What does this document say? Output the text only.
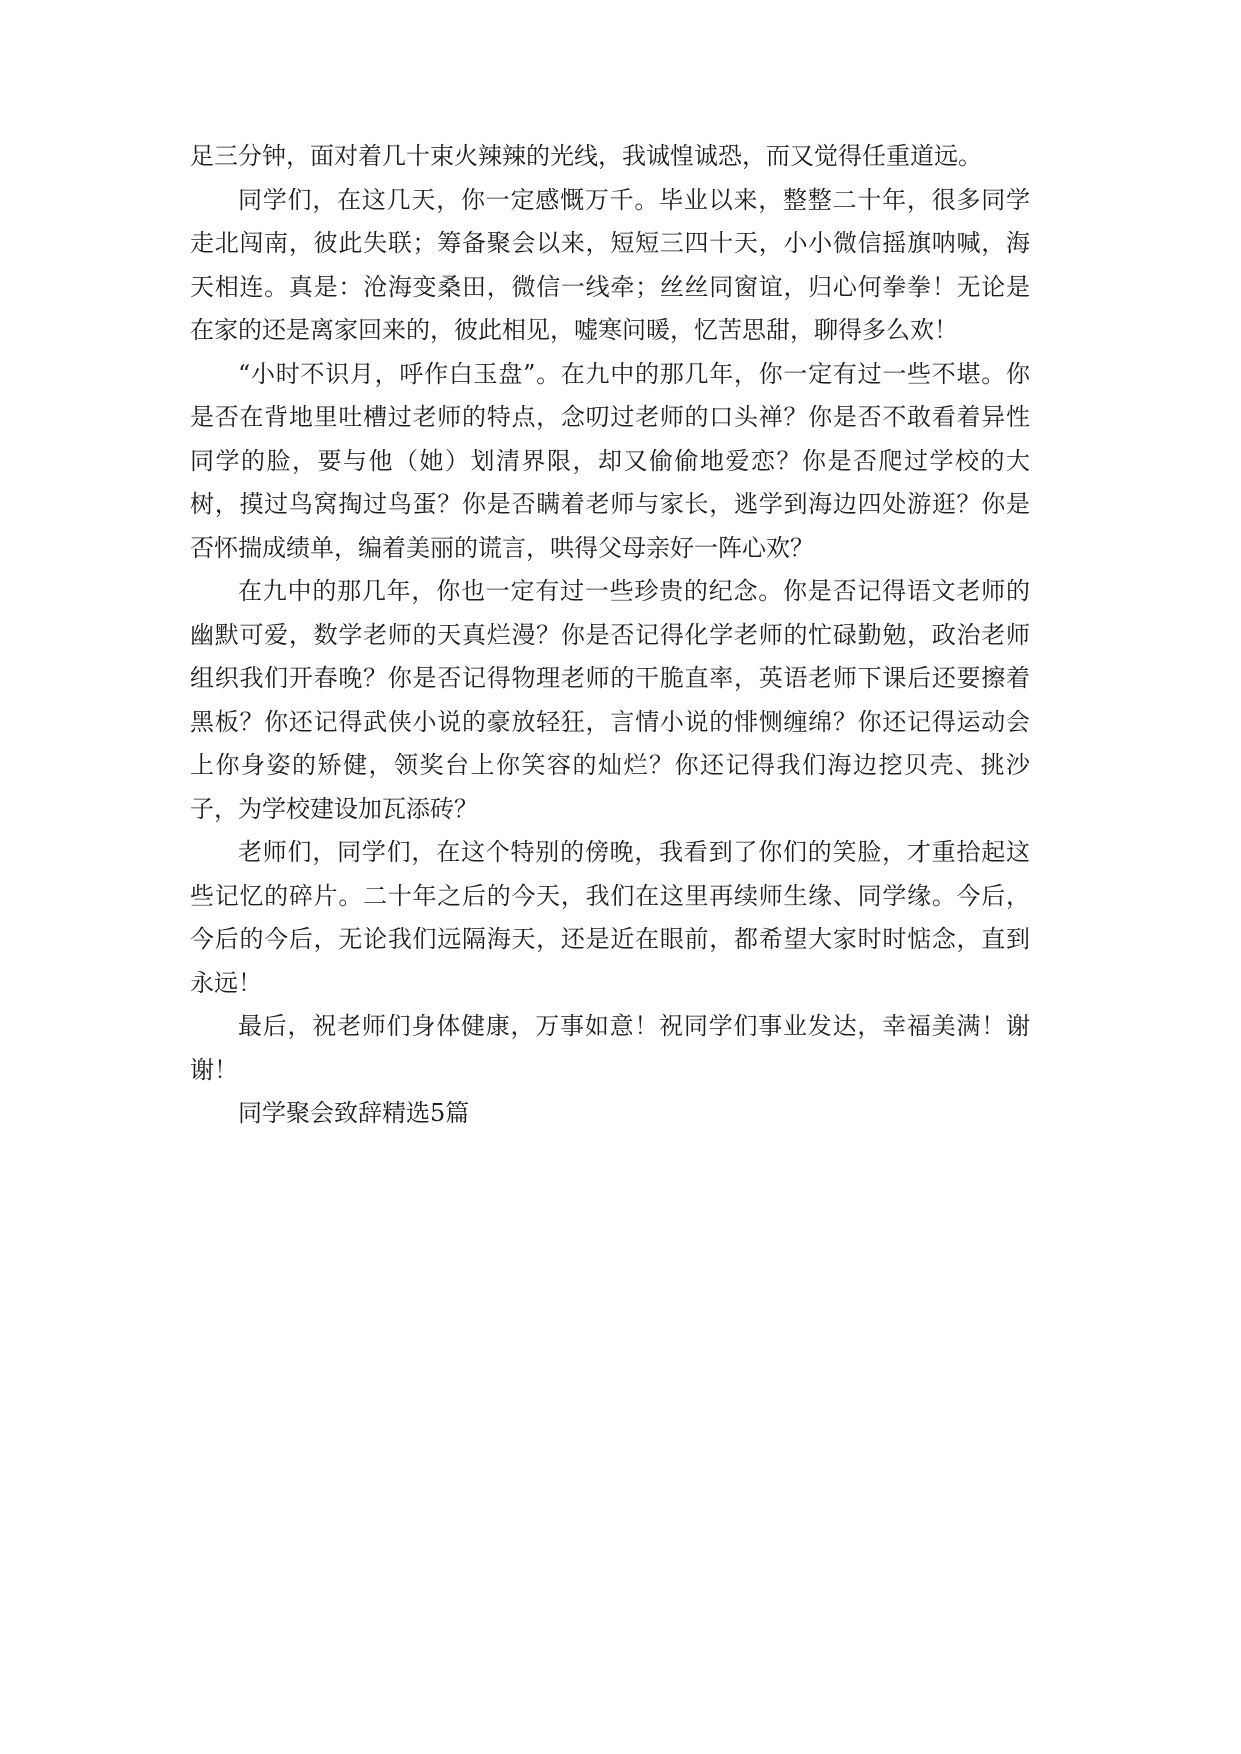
足三分钟，面对着几十束火辣辣的光线，我诚惶诚恐，而又觉得任重道远。
同学们，在这几天，你一定感慨万千。毕业以来，整整二十年，很多同学
走北闯南，彼此失联；筹备聚会以来，短短三四十天，小小微信摇旗呐喊，海
天相连。真是：沧海变桑田，微信一线牵；丝丝同窗谊，归心何拳拳！无论是
在家的还是离家回来的，彼此相见，嘘寒问暖，忆苦思甜，聊得多么欢！
“小时不识月，呼作白玉盘”。在九中的那几年，你一定有过一些不堪。你
是否在背地里吐槽过老师的特点，念叨过老师的口头禅？你是否不敢看着异性
同学的脸，要与他（她）划清界限，却又偷偷地爱恋？你是否爬过学校的大
树，摸过鸟窝掏过鸟蛋？你是否瞒着老师与家长，逃学到海边四处游逛？你是
否怀揣成绩单，编着美丽的谎言，哄得父母亲好一阵心欢？
在九中的那几年，你也一定有过一些珍贵的纪念。你是否记得语文老师的
幽默可爱，数学老师的天真烂漫？你是否记得化学老师的忙碌勤勉，政治老师
组织我们开春晚？你是否记得物理老师的干脆直率，英语老师下课后还要擦着
黑板？你还记得武侠小说的豪放轻狂，言情小说的悱恻缠绵？你还记得运动会
上你身姿的矫健，领奖台上你笑容的灿烂？你还记得我们海边挖贝壳、挑沙
子，为学校建设加瓦添砖？
老师们，同学们，在这个特别的傍晚，我看到了你们的笑脸，才重拾起这
些记忆的碎片。二十年之后的今天，我们在这里再续师生缘、同学缘。今后，
今后的今后，无论我们远隔海天，还是近在眼前，都希望大家时时惦念，直到
永远！
最后，祝老师们身体健康，万事如意！祝同学们事业发达，幸福美满！谢
谢！
同学聚会致辞精选5篇
